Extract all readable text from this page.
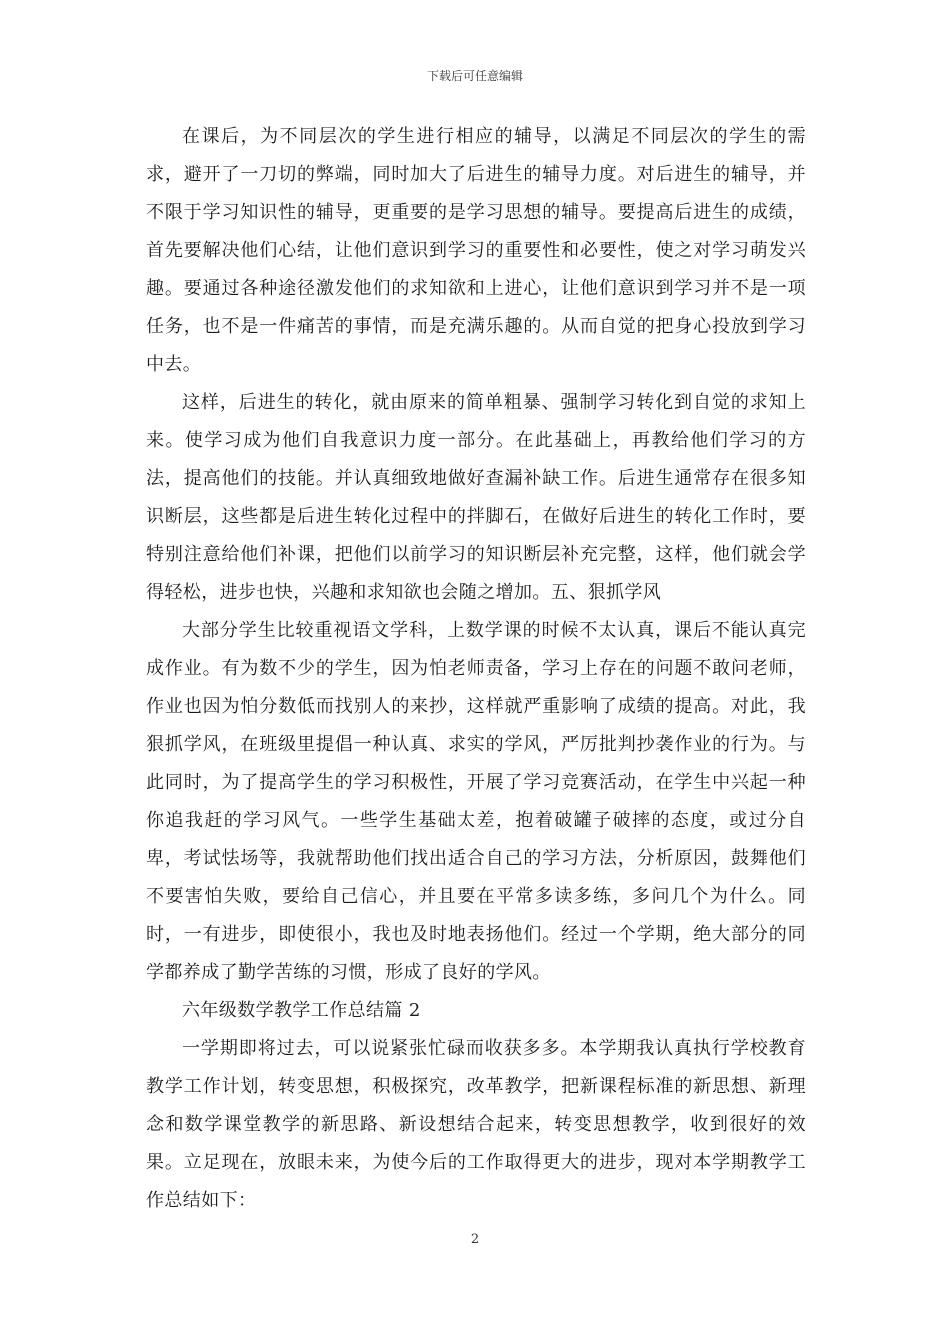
下载后可任意编辑

在课后，为不同层次的学生进行相应的辅导，以满足不同层次的学生的需求，避开了一刀切的弊端，同时加大了后进生的辅导力度。对后进生的辅导，并不限于学习知识性的辅导，更重要的是学习思想的辅导。要提高后进生的成绩，首先要解决他们心结，让他们意识到学习的重要性和必要性，使之对学习萌发兴趣。要通过各种途径激发他们的求知欲和上进心，让他们意识到学习并不是一项任务，也不是一件痛苦的事情，而是充满乐趣的。从而自觉的把身心投放到学习中去。

这样，后进生的转化，就由原来的简单粗暴、强制学习转化到自觉的求知上来。使学习成为他们自我意识力度一部分。在此基础上，再教给他们学习的方法，提高他们的技能。并认真细致地做好查漏补缺工作。后进生通常存在很多知识断层，这些都是后进生转化过程中的拌脚石，在做好后进生的转化工作时，要特别注意给他们补课，把他们以前学习的知识断层补充完整，这样，他们就会学得轻松，进步也快，兴趣和求知欲也会随之增加。五、狠抓学风

大部分学生比较重视语文学科，上数学课的时候不太认真，课后不能认真完成作业。有为数不少的学生，因为怕老师责备，学习上存在的问题不敢问老师，作业也因为怕分数低而找别人的来抄，这样就严重影响了成绩的提高。对此，我狠抓学风，在班级里提倡一种认真、求实的学风，严厉批判抄袭作业的行为。与此同时，为了提高学生的学习积极性，开展了学习竞赛活动，在学生中兴起一种你追我赶的学习风气。一些学生基础太差，抱着破罐子破摔的态度，或过分自卑，考试怯场等，我就帮助他们找出适合自己的学习方法，分析原因，鼓舞他们不要害怕失败，要给自己信心，并且要在平常多读多练，多问几个为什么。同时，一有进步，即使很小，我也及时地表扬他们。经过一个学期，绝大部分的同学都养成了勤学苦练的习惯，形成了良好的学风。

六年级数学教学工作总结篇 2

一学期即将过去，可以说紧张忙碌而收获多多。本学期我认真执行学校教育教学工作计划，转变思想，积极探究，改革教学，把新课程标准的新思想、新理念和数学课堂教学的新思路、新设想结合起来，转变思想教学，收到很好的效果。立足现在，放眼未来，为使今后的工作取得更大的进步，现对本学期教学工作总结如下：

2
